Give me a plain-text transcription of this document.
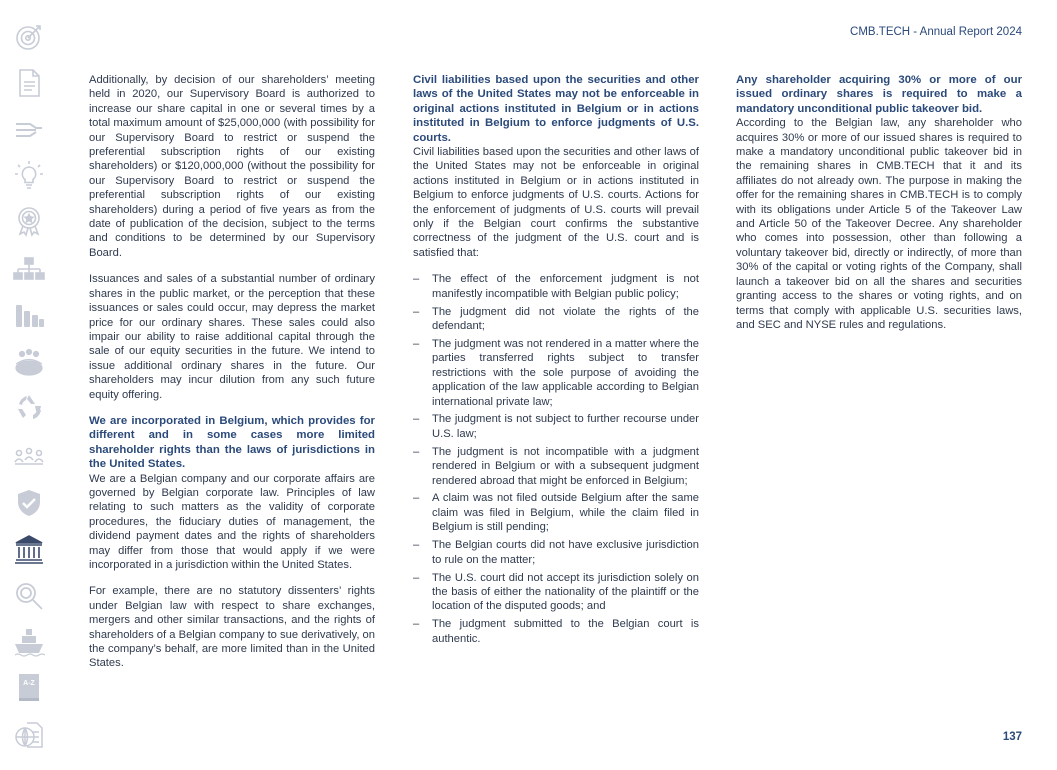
CMB.TECH - Annual Report 2024
A-Z

Additionally, by decision of our shareholders’ meeting held in 2020, our Supervisory Board is authorized to increase our share capital in one or several times by a total maximum amount of $25,000,000 (with possibility for our Supervisory Board to restrict or suspend the preferential subscription rights of our existing shareholders) or $120,000,000 (without the possibility for our Supervisory Board to restrict or suspend the preferential subscription rights of our existing shareholders) during a period of five years as from the date of publication of the decision, subject to the terms and conditions to be determined by our Supervisory Board.

Issuances and sales of a substantial number of ordinary shares in the public market, or the perception that these issuances or sales could occur, may depress the market price for our ordinary shares. These sales could also impair our ability to raise additional capital through the sale of our equity securities in the future. We intend to issue additional ordinary shares in the future. Our shareholders may incur dilution from any such future equity offering.

We are incorporated in Belgium, which provides for different and in some cases more limited shareholder rights than the laws of jurisdictions in the United States.

We are a Belgian company and our corporate affairs are governed by Belgian corporate law. Principles of law relating to such matters as the validity of corporate procedures, the fiduciary duties of management, the dividend payment dates and the rights of shareholders may differ from those that would apply if we were incorporated in a jurisdiction within the United States.

For example, there are no statutory dissenters’ rights under Belgian law with respect to share exchanges, mergers and other similar transactions, and the rights of shareholders of a Belgian company to sue derivatively, on the company’s behalf, are more limited than in the United States.

Civil liabilities based upon the securities and other laws of the United States may not be enforceable in original actions instituted in Belgium or in actions instituted in Belgium to enforce judgments of U.S. courts.

Civil liabilities based upon the securities and other laws of the United States may not be enforceable in original actions instituted in Belgium or in actions instituted in Belgium to enforce judgments of U.S. courts. Actions for the enforcement of judgments of U.S. courts will prevail only if the Belgian court confirms the substantive correctness of the judgment of the U.S. court and is satisfied that:

– The effect of the enforcement judgment is not manifestly incompatible with Belgian public policy;
– The judgment did not violate the rights of the defendant;
– The judgment was not rendered in a matter where the parties transferred rights subject to transfer restrictions with the sole purpose of avoiding the application of the law applicable according to Belgian international private law;
– The judgment is not subject to further recourse under U.S. law;
– The judgment is not incompatible with a judgment rendered in Belgium or with a subsequent judgment rendered abroad that might be enforced in Belgium;
– A claim was not filed outside Belgium after the same claim was filed in Belgium, while the claim filed in Belgium is still pending;
– The Belgian courts did not have exclusive jurisdiction to rule on the matter;
– The U.S. court did not accept its jurisdiction solely on the basis of either the nationality of the plaintiff or the location of the disputed goods; and
– The judgment submitted to the Belgian court is authentic.

Any shareholder acquiring 30% or more of our issued ordinary shares is required to make a mandatory unconditional public takeover bid.

According to the Belgian law, any shareholder who acquires 30% or more of our issued shares is required to make a mandatory unconditional public takeover bid in the remaining shares in CMB.TECH that it and its affiliates do not already own. The purpose in making the offer for the remaining shares in CMB.TECH is to comply with its obligations under Article 5 of the Takeover Law and Article 50 of the Takeover Decree. Any shareholder who comes into possession, other than following a voluntary takeover bid, directly or indirectly, of more than 30% of the capital or voting rights of the Company, shall launch a takeover bid on all the shares and securities granting access to the shares or voting rights, and on terms that comply with applicable U.S. securities laws, and SEC and NYSE rules and regulations.

137
